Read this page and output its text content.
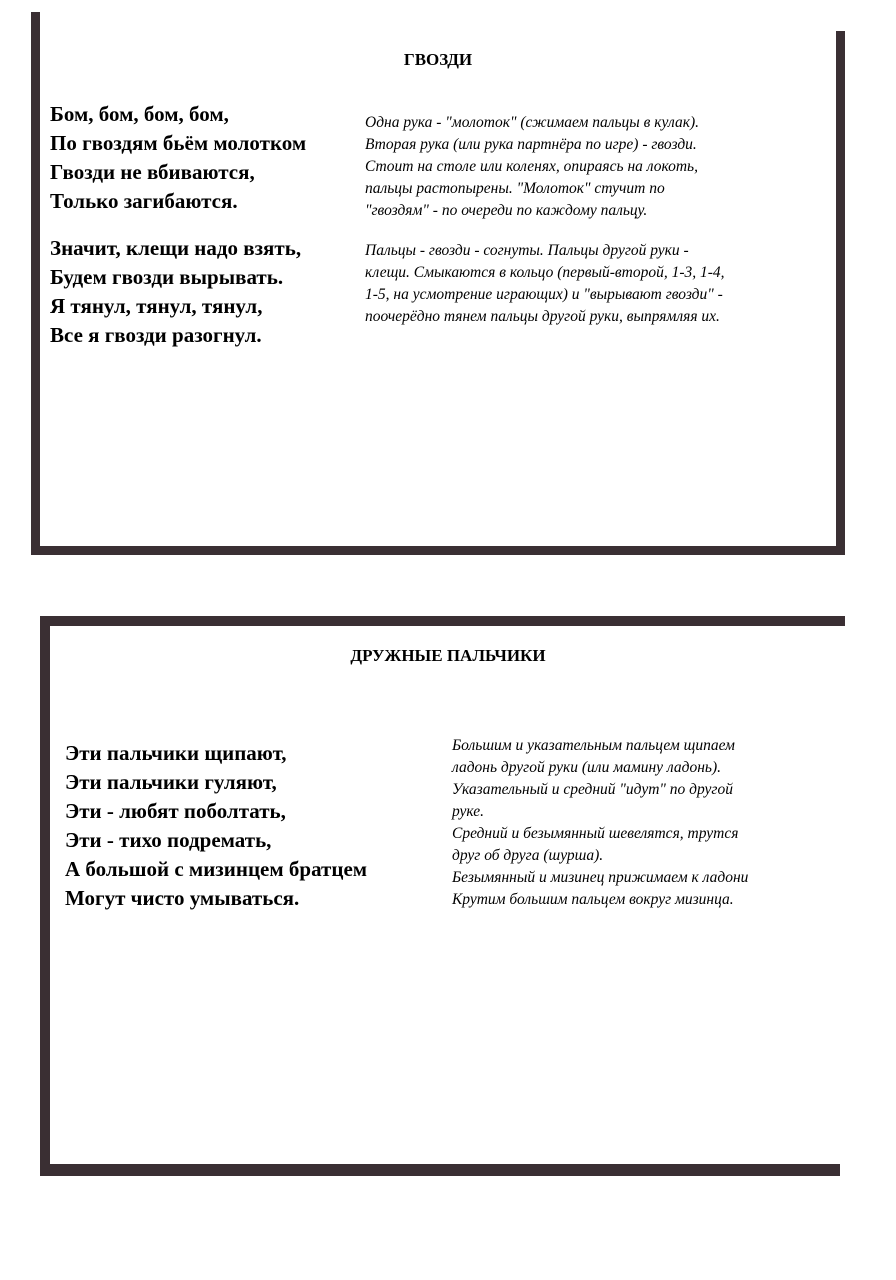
ГВОЗДИ
Бом, бом, бом, бом,
По гвоздям бьём молотком
Гвозди не вбиваются,
Только загибаются.
Значит, клещи надо взять,
Будем гвозди вырывать.
Я тянул, тянул, тянул,
Все я гвозди разогнул.
Одна рука - "молоток" (сжимаем пальцы в кулак).
Вторая рука (или рука партнёра по игре) - гвозди.
Стоит на столе или коленях, опираясь на локоть,
пальцы растопырены. "Молоток" стучит по
"гвоздям" - по очереди по каждому пальцу.
Пальцы - гвозди - согнуты. Пальцы другой руки -
клещи. Смыкаются в кольцо (первый-второй, 1-3, 1-4,
1-5, на усмотрение играющих) и "вырывают гвозди" -
поочерёдно тянем пальцы другой руки, выпрямляя их.
ДРУЖНЫЕ ПАЛЬЧИКИ
Эти пальчики щипают,
Эти пальчики гуляют,
Эти - любят поболтать,
Эти - тихо подремать,
А большой с мизинцем братцем
Могут чисто умываться.
Большим и указательным пальцем щипаем
ладонь другой руки (или мамину ладонь).
Указательный и средний "идут" по другой
руке.
Средний и безымянный шевелятся, трутся
друг об друга (шурша).
Безымянный и мизинец прижимаем к ладони
Крутим большим пальцем вокруг мизинца.
